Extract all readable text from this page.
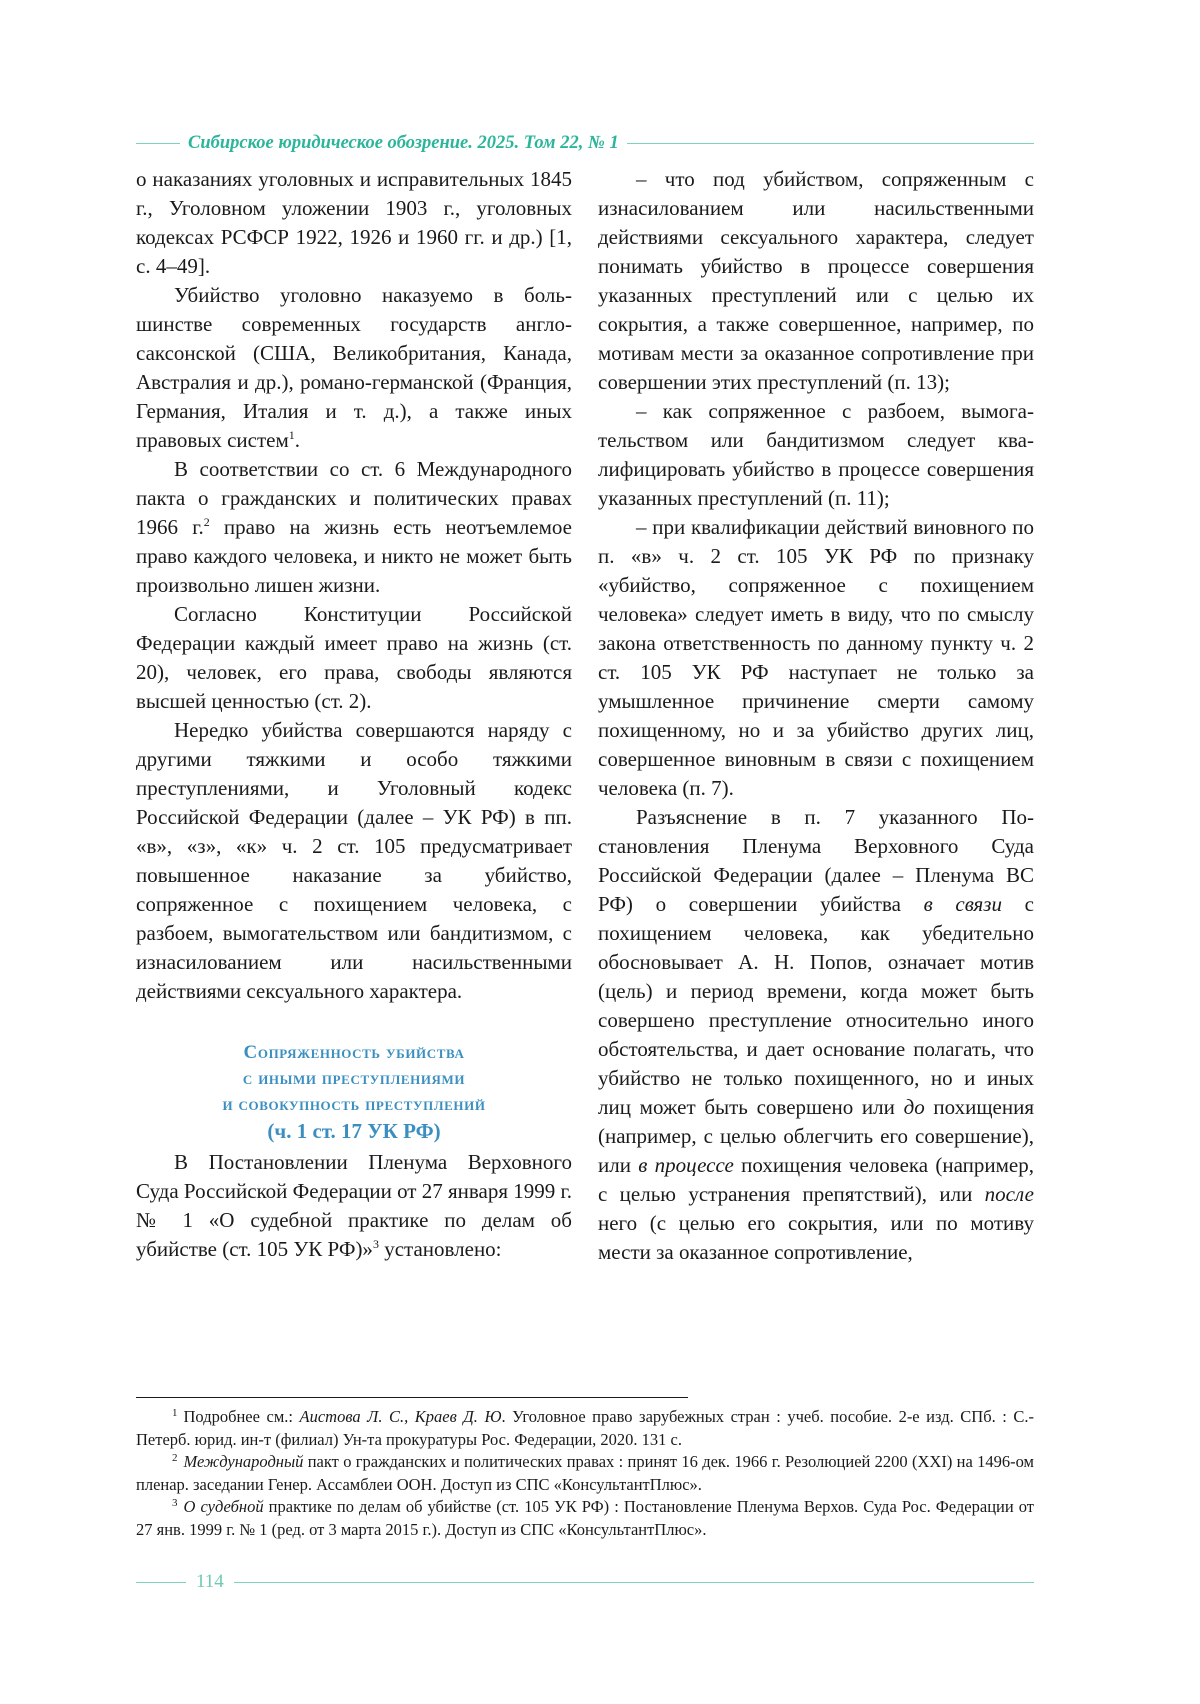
Сибирское юридическое обозрение. 2025. Том 22, № 1

о наказаниях уголовных и исправительных 1845 г., Уголовном уложении 1903 г., уголовных кодексах РСФСР 1922, 1926 и 1960 гг. и др.) [1, с. 4–49].

Убийство уголовно наказуемо в большинстве современных государств англосаксонской (США, Великобритания, Канада, Австралия и др.), романо-германской (Франция, Германия, Италия и т. д.), а также иных правовых систем$^1$.

В соответствии со ст. 6 Международного пакта о гражданских и политических правах 1966 г.$^2$ право на жизнь есть неотъемлемое право каждого человека, и никто не может быть произвольно лишен жизни.

Согласно Конституции Российской Федерации каждый имеет право на жизнь (ст. 20), человек, его права, свободы являются высшей ценностью (ст. 2).

Нередко убийства совершаются наряду с другими тяжкими и особо тяжкими преступлениями, и Уголовный кодекс Российской Федерации (далее – УК РФ) в пп. «в», «з», «к» ч. 2 ст. 105 предусматривает повышенное наказание за убийство, сопряженное с похищением человека, с разбоем, вымогательством или бандитизмом, с изнасилованием или насильственными действиями сексуального характера.

Сопряженность убийства
с иными преступлениями
и совокупность преступлений
(ч. 1 ст. 17 УК РФ)

В Постановлении Пленума Верховного Суда Российской Федерации от 27 января 1999 г. № 1 «О судебной практике по делам об убийстве (ст. 105 УК РФ)»$^3$ установлено:

– что под убийством, сопряженным с изнасилованием или насильственными действиями сексуального характера, следует понимать убийство в процессе совершения указанных преступлений или с целью их сокрытия, а также совершенное, например, по мотивам мести за оказанное сопротивление при совершении этих преступлений (п. 13);

– как сопряженное с разбоем, вымогательством или бандитизмом следует квалифицировать убийство в процессе совершения указанных преступлений (п. 11);

– при квалификации действий виновного по п. «в» ч. 2 ст. 105 УК РФ по признаку «убийство, сопряженное с похищением человека» следует иметь в виду, что по смыслу закона ответственность по данному пункту ч. 2 ст. 105 УК РФ наступает не только за умышленное причинение смерти самому похищенному, но и за убийство других лиц, совершенное виновным в связи с похищением человека (п. 7).

Разъяснение в п. 7 указанного Постановления Пленума Верховного Суда Российской Федерации (далее – Пленума ВС РФ) о совершении убийства в связи с похищением человека, как убедительно обосновывает А. Н. Попов, означает мотив (цель) и период времени, когда может быть совершено преступление относительно иного обстоятельства, и дает основание полагать, что убийство не только похищенного, но и иных лиц может быть совершено или до похищения (например, с целью облегчить его совершение), или в процессе похищения человека (например, с целью устранения препятствий), или после него (с целью его сокрытия, или по мотиву мести за оказанное сопротивление,

$^1$ Подробнее см.: Аистова Л. С., Краев Д. Ю. Уголовное право зарубежных стран : учеб. пособие. 2-е изд. СПб. : С.-Петерб. юрид. ин-т (филиал) Ун-та прокуратуры Рос. Федерации, 2020. 131 с.

$^2$ Международный пакт о гражданских и политических правах : принят 16 дек. 1966 г. Резолюцией 2200 (XXI) на 1496-ом пленар. заседании Генер. Ассамблеи ООН. Доступ из СПС «КонсультантПлюс».

$^3$ О судебной практике по делам об убийстве (ст. 105 УК РФ) : Постановление Пленума Верхов. Суда Рос. Федерации от 27 янв. 1999 г. № 1 (ред. от 3 марта 2015 г.). Доступ из СПС «КонсультантПлюс».

114
